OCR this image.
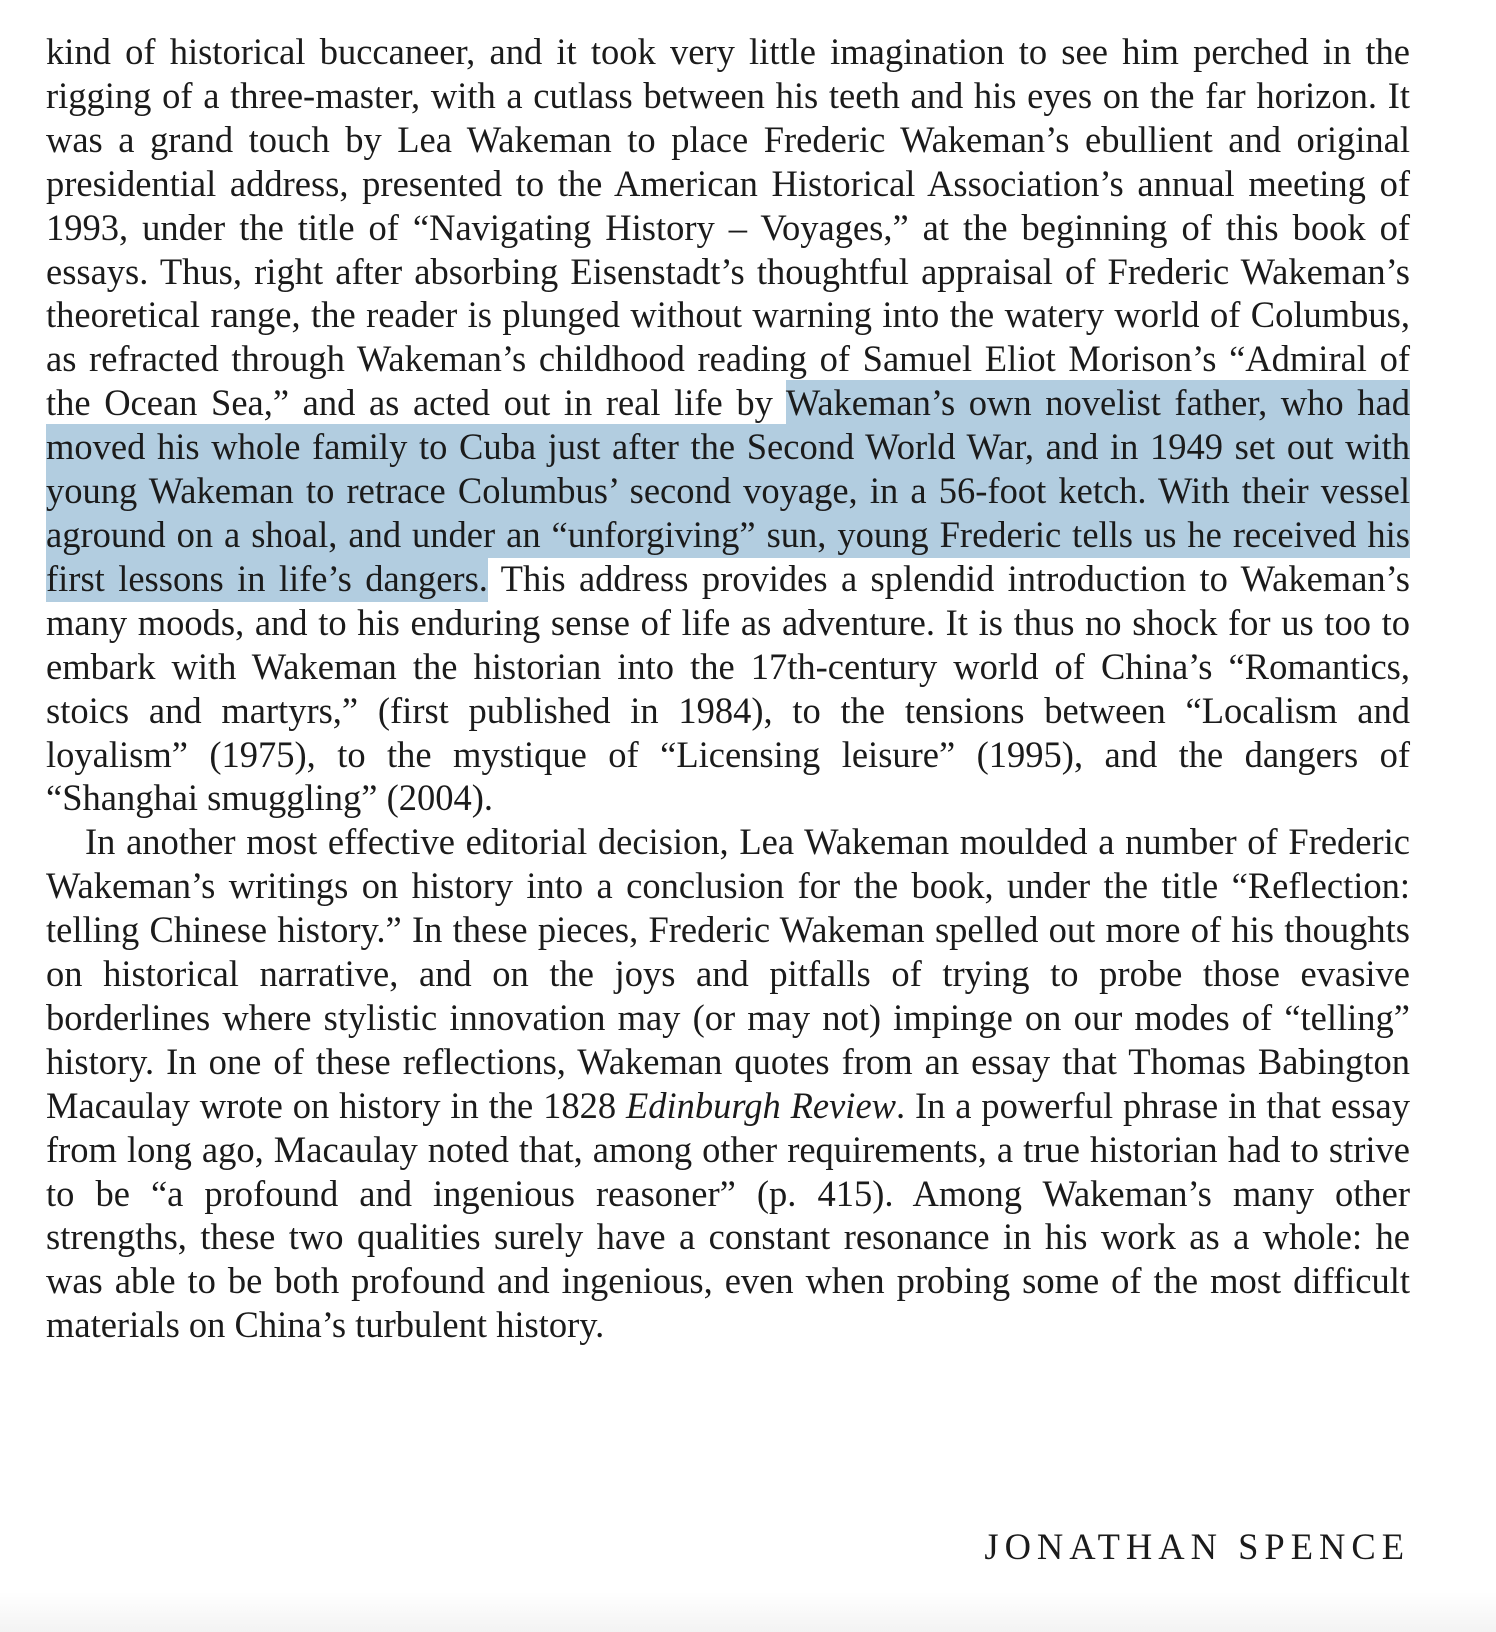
kind of historical buccaneer, and it took very little imagination to see him perched in the rigging of a three-master, with a cutlass between his teeth and his eyes on the far horizon. It was a grand touch by Lea Wakeman to place Frederic Wakeman’s ebullient and original presidential address, presented to the American Historical Association’s annual meeting of 1993, under the title of “Navigating History – Voyages,” at the beginning of this book of essays. Thus, right after absorbing Eisenstadt’s thoughtful appraisal of Frederic Wakeman’s theoretical range, the reader is plunged without warning into the watery world of Columbus, as refracted through Wakeman’s childhood reading of Samuel Eliot Morison’s “Admiral of the Ocean Sea,” and as acted out in real life by Wakeman’s own novelist father, who had moved his whole family to Cuba just after the Second World War, and in 1949 set out with young Wakeman to retrace Columbus’ second voyage, in a 56-foot ketch. With their vessel aground on a shoal, and under an “unforgiving” sun, young Frederic tells us he received his first lessons in life’s dangers. This address provides a splendid introduction to Wakeman’s many moods, and to his enduring sense of life as adventure. It is thus no shock for us too to embark with Wakeman the historian into the 17th-century world of China’s “Romantics, stoics and martyrs,” (first published in 1984), to the tensions between “Localism and loyalism” (1975), to the mystique of “Licensing leisure” (1995), and the dangers of “Shanghai smuggling” (2004).

In another most effective editorial decision, Lea Wakeman moulded a number of Frederic Wakeman’s writings on history into a conclusion for the book, under the title “Reflection: telling Chinese history.” In these pieces, Frederic Wakeman spelled out more of his thoughts on historical narrative, and on the joys and pitfalls of trying to probe those evasive borderlines where stylistic innovation may (or may not) impinge on our modes of “telling” history. In one of these reflections, Wakeman quotes from an essay that Thomas Babington Macaulay wrote on history in the 1828 Edinburgh Review. In a powerful phrase in that essay from long ago, Macaulay noted that, among other requirements, a true historian had to strive to be “a profound and ingenious reasoner” (p. 415). Among Wakeman’s many other strengths, these two qualities surely have a constant resonance in his work as a whole: he was able to be both profound and ingenious, even when probing some of the most difficult materials on China’s turbulent history.

JONATHAN SPENCE
